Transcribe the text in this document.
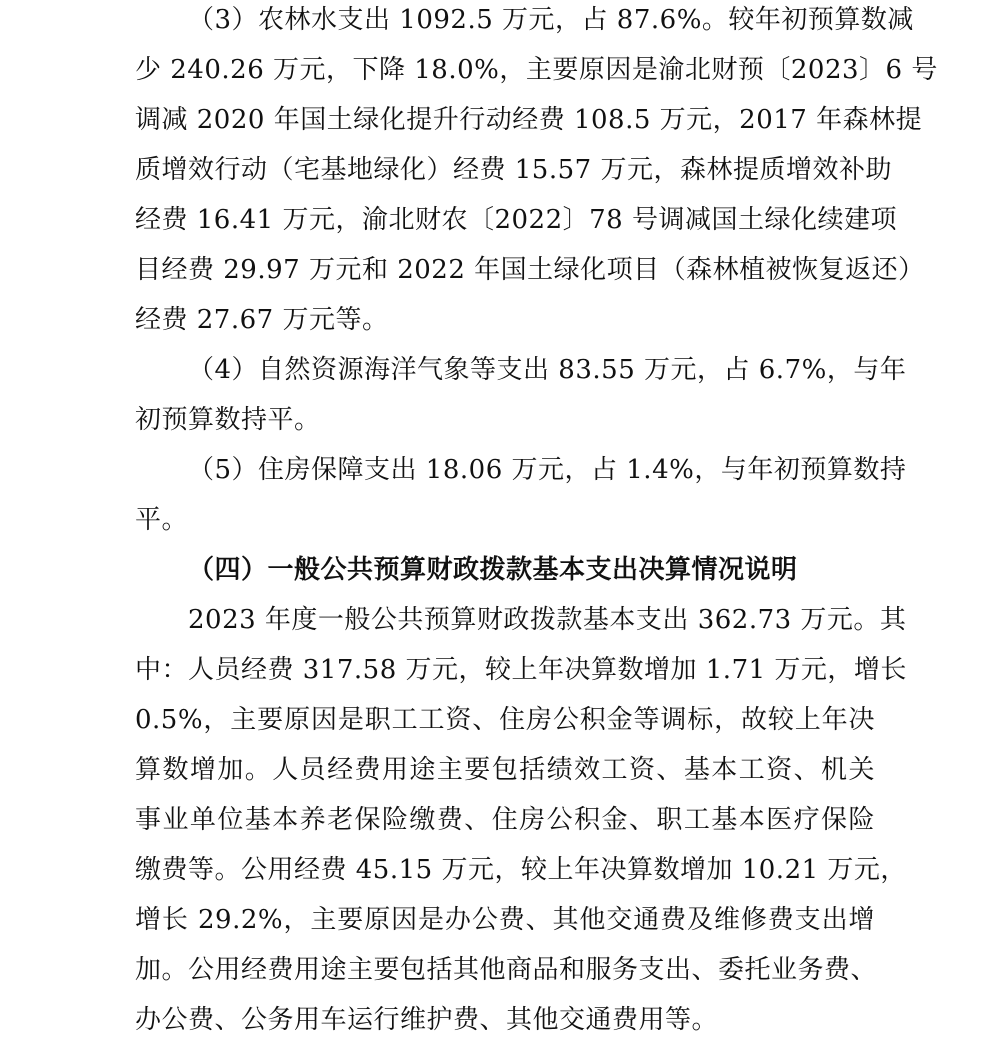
（3）农林水支出 1092.5 万元，占 87.6%。较年初预算数减
少 240.26 万元，下降 18.0%，主要原因是渝北财预〔2023〕6 号
调减 2020 年国土绿化提升行动经费 108.5 万元，2017 年森林提
质增效行动（宅基地绿化）经费 15.57 万元，森林提质增效补助
经费 16.41 万元，渝北财农〔2022〕78 号调减国土绿化续建项
目经费 29.97 万元和 2022 年国土绿化项目（森林植被恢复返还）
经费 27.67 万元等。
（4）自然资源海洋气象等支出 83.55 万元，占 6.7%，与年
初预算数持平。
（5）住房保障支出 18.06 万元，占 1.4%，与年初预算数持
平。
（四）一般公共预算财政拨款基本支出决算情况说明
2023 年度一般公共预算财政拨款基本支出 362.73 万元。其
中：人员经费 317.58 万元，较上年决算数增加 1.71 万元，增长
0.5%，主要原因是职工工资、住房公积金等调标，故较上年决
算数增加。人员经费用途主要包括绩效工资、基本工资、机关
事业单位基本养老保险缴费、住房公积金、职工基本医疗保险
缴费等。公用经费 45.15 万元，较上年决算数增加 10.21 万元，
增长 29.2%，主要原因是办公费、其他交通费及维修费支出增
加。公用经费用途主要包括其他商品和服务支出、委托业务费、
办公费、公务用车运行维护费、其他交通费用等。
